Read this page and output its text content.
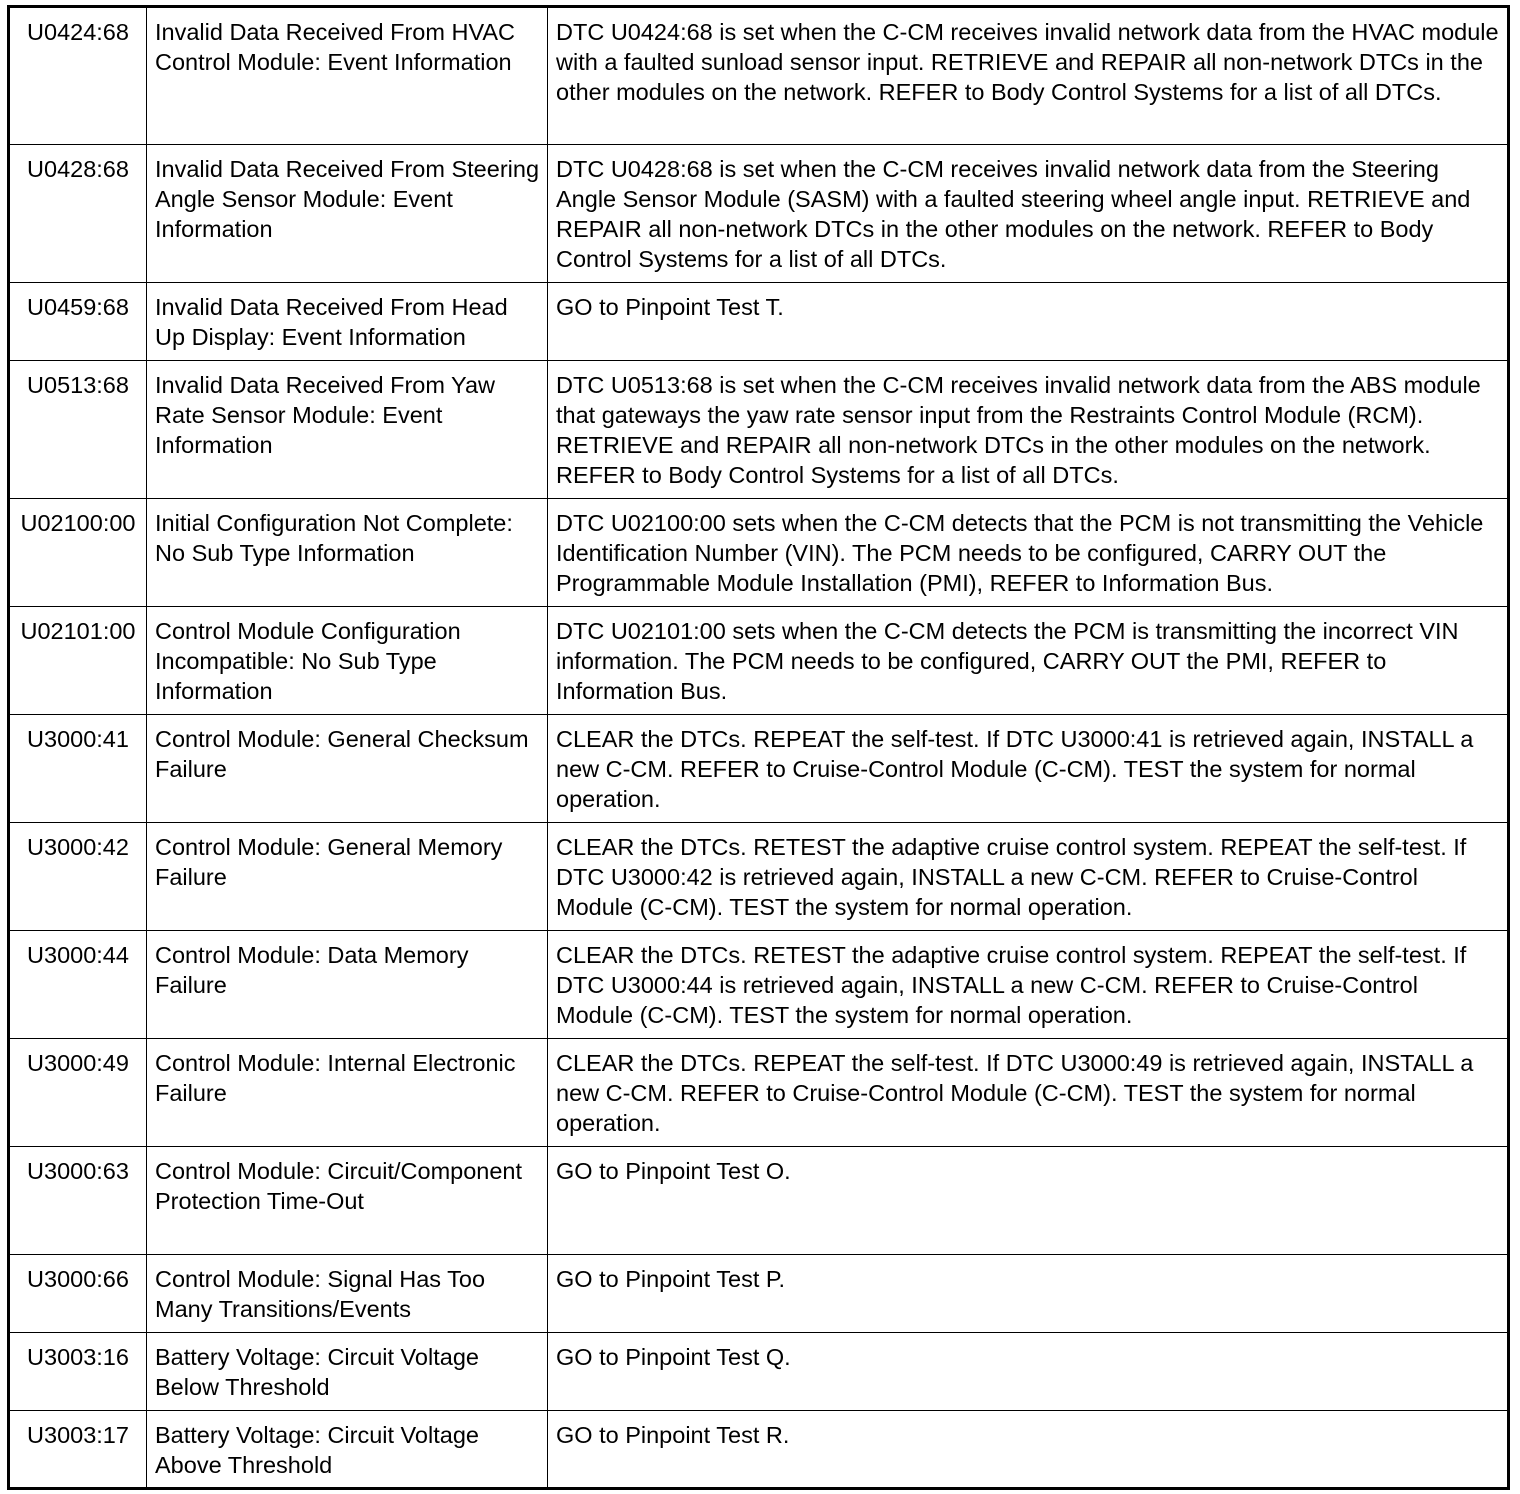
U0424:68	Invalid Data Received From HVAC Control Module: Event Information	DTC U0424:68 is set when the C-CM receives invalid network data from the HVAC module with a faulted sunload sensor input. RETRIEVE and REPAIR all non-network DTCs in the other modules on the network. REFER to Body Control Systems for a list of all DTCs.
U0428:68	Invalid Data Received From Steering Angle Sensor Module: Event Information	DTC U0428:68 is set when the C-CM receives invalid network data from the Steering Angle Sensor Module (SASM) with a faulted steering wheel angle input. RETRIEVE and REPAIR all non-network DTCs in the other modules on the network. REFER to Body Control Systems for a list of all DTCs.
U0459:68	Invalid Data Received From Head Up Display: Event Information	GO to Pinpoint Test T.
U0513:68	Invalid Data Received From Yaw Rate Sensor Module: Event Information	DTC U0513:68 is set when the C-CM receives invalid network data from the ABS module that gateways the yaw rate sensor input from the Restraints Control Module (RCM). RETRIEVE and REPAIR all non-network DTCs in the other modules on the network. REFER to Body Control Systems for a list of all DTCs.
U02100:00	Initial Configuration Not Complete: No Sub Type Information	DTC U02100:00 sets when the C-CM detects that the PCM is not transmitting the Vehicle Identification Number (VIN). The PCM needs to be configured, CARRY OUT the Programmable Module Installation (PMI), REFER to Information Bus.
U02101:00	Control Module Configuration Incompatible: No Sub Type Information	DTC U02101:00 sets when the C-CM detects the PCM is transmitting the incorrect VIN information. The PCM needs to be configured, CARRY OUT the PMI, REFER to Information Bus.
U3000:41	Control Module: General Checksum Failure	CLEAR the DTCs. REPEAT the self-test. If DTC U3000:41 is retrieved again, INSTALL a new C-CM. REFER to Cruise-Control Module (C-CM). TEST the system for normal operation.
U3000:42	Control Module: General Memory Failure	CLEAR the DTCs. RETEST the adaptive cruise control system. REPEAT the self-test. If DTC U3000:42 is retrieved again, INSTALL a new C-CM. REFER to Cruise-Control Module (C-CM). TEST the system for normal operation.
U3000:44	Control Module: Data Memory Failure	CLEAR the DTCs. RETEST the adaptive cruise control system. REPEAT the self-test. If DTC U3000:44 is retrieved again, INSTALL a new C-CM. REFER to Cruise-Control Module (C-CM). TEST the system for normal operation.
U3000:49	Control Module: Internal Electronic Failure	CLEAR the DTCs. REPEAT the self-test. If DTC U3000:49 is retrieved again, INSTALL a new C-CM. REFER to Cruise-Control Module (C-CM). TEST the system for normal operation.
U3000:63	Control Module: Circuit/Component Protection Time-Out	GO to Pinpoint Test O.
U3000:66	Control Module: Signal Has Too Many Transitions/Events	GO to Pinpoint Test P.
U3003:16	Battery Voltage: Circuit Voltage Below Threshold	GO to Pinpoint Test Q.
U3003:17	Battery Voltage: Circuit Voltage Above Threshold	GO to Pinpoint Test R.
